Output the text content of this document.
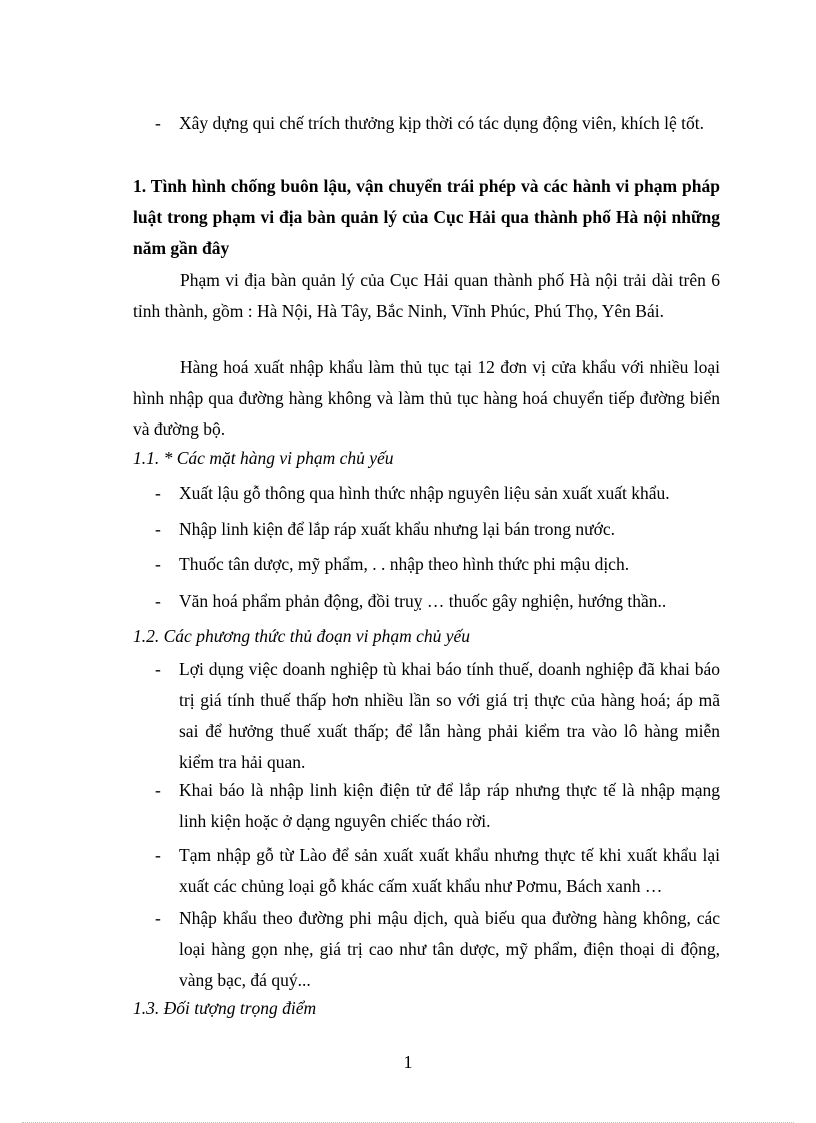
-	Xây dựng qui chế trích thưởng kịp thời có tác dụng động viên, khích lệ tốt.
1. Tình hình chống buôn lậu, vận chuyển trái phép và các hành vi phạm pháp luật trong phạm vi địa bàn quản lý của Cục Hải qua thành phố Hà nội những năm gần đây
Phạm vi địa bàn quản lý của Cục Hải quan thành phố Hà nội trải dài trên 6 tỉnh thành, gồm : Hà Nội, Hà Tây, Bắc Ninh, Vĩnh Phúc, Phú Thọ, Yên Bái.
Hàng hoá xuất nhập khẩu làm thủ tục tại 12 đơn vị cửa khẩu với nhiều loại hình nhập qua đường hàng không và làm thủ tục hàng hoá chuyển tiếp đường biển và đường bộ.
1.1. * Các mặt hàng vi phạm chủ yếu
-	Xuất lậu gỗ thông qua hình thức nhập nguyên liệu sản xuất xuất khẩu.
-	Nhập linh kiện để lắp ráp xuất khẩu nhưng lại bán trong nước.
-	Thuốc tân dược, mỹ phẩm, . . nhập theo hình thức phi mậu dịch.
-	Văn hoá phẩm phản động, đồi truỵ … thuốc gây nghiện, hướng thần..
1.2. Các phương thức thủ đoạn vi phạm chủ yếu
-	Lợi dụng việc doanh nghiệp tù khai báo tính thuế, doanh nghiệp đã khai báo trị giá tính thuế thấp hơn nhiều lần so với giá trị thực của hàng hoá; áp mã sai để hưởng thuế xuất thấp; để lẫn hàng phải kiểm tra vào lô hàng miễn kiểm tra hải quan.
-	Khai báo là nhập linh kiện điện tử để lắp ráp nhưng thực tế là nhập mạng linh kiện hoặc ở dạng nguyên chiếc tháo rời.
-	Tạm nhập gỗ từ Lào để sản xuất xuất khẩu nhưng thực tế khi xuất khẩu lại xuất các chủng loại gỗ khác cấm xuất khẩu như Pơmu, Bách xanh …
-	Nhập khẩu theo đường phi mậu dịch, quà biếu qua đường hàng không, các loại hàng gọn nhẹ, giá trị cao như tân dược, mỹ phẩm, điện thoại di động, vàng bạc, đá quý...
1.3. Đối tượng trọng điểm
1
